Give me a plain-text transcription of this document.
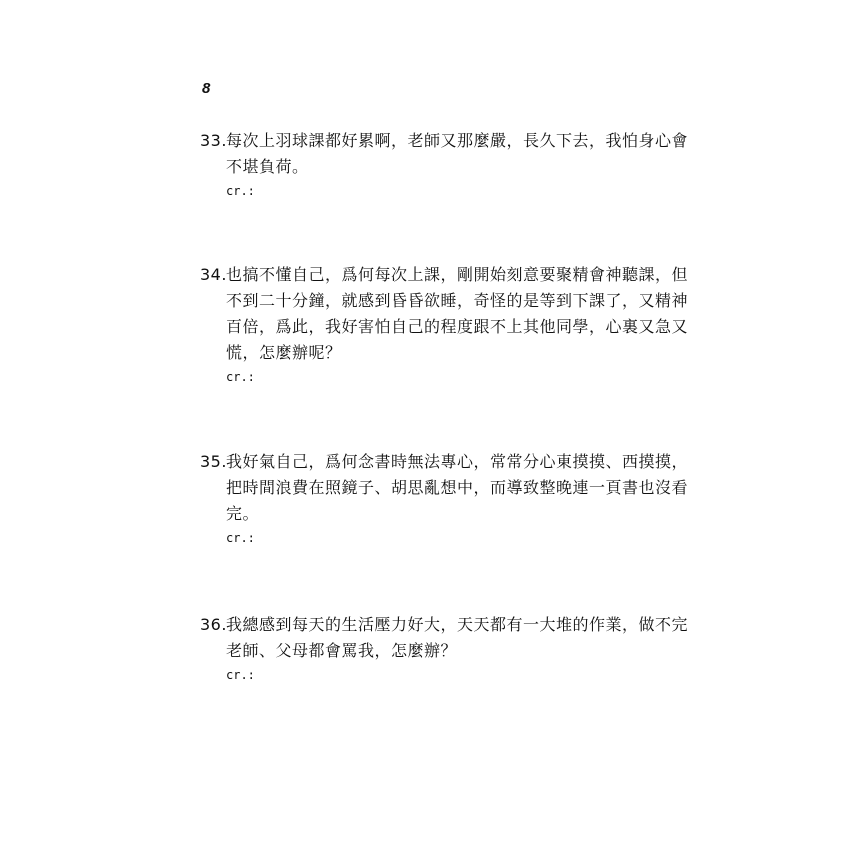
8
33. 每次上羽球課都好累啊，老師又那麼嚴，長久下去，我怕身心會
不堪負荷。
cr.:
34. 也搞不懂自己，爲何每次上課，剛開始刻意要聚精會神聽課，但
不到二十分鐘，就感到昏昏欲睡，奇怪的是等到下課了，又精神
百倍，爲此，我好害怕自己的程度跟不上其他同學，心裏又急又
慌，怎麼辦呢？
cr.:
35. 我好氣自己，爲何念書時無法專心，常常分心東摸摸、西摸摸，
把時間浪費在照鏡子、胡思亂想中，而導致整晚連一頁書也沒看
完。
cr.:
36. 我總感到每天的生活壓力好大，天天都有一大堆的作業，做不完
老師、父母都會罵我，怎麼辦？
cr.:
